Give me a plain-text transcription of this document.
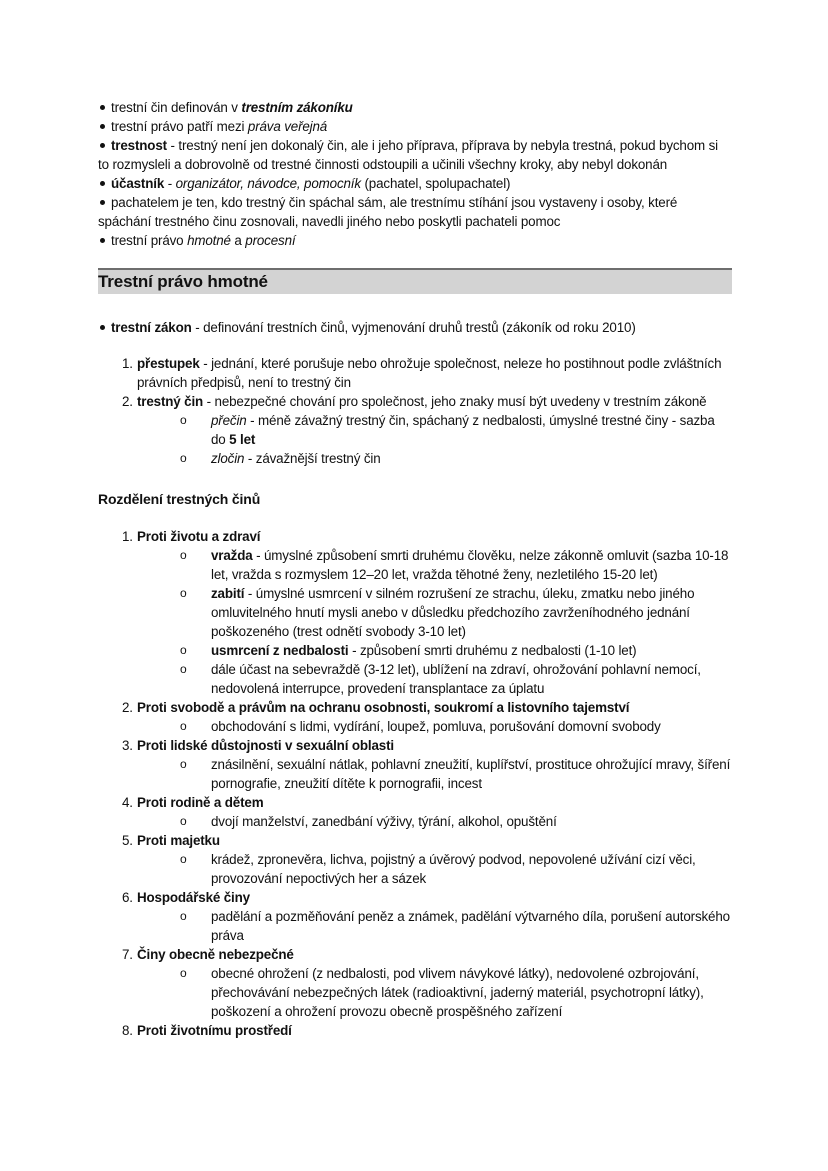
trestní čin definován v trestním zákoníku
trestní právo patří mezi práva veřejná
trestnost - trestný není jen dokonalý čin, ale i jeho příprava, příprava by nebyla trestná, pokud bychom si to rozmysleli a dobrovolně od trestné činnosti odstoupili a učinili všechny kroky, aby nebyl dokonán
účastník - organizátor, návodce, pomocník (pachatel, spolupachatel)
pachatelem je ten, kdo trestný čin spáchal sám, ale trestnímu stíhání jsou vystaveny i osoby, které spáchání trestného činu zosnovali, navedli jiného nebo poskytli pachateli pomoc
trestní právo hmotné a procesní
Trestní právo hmotné
trestní zákon - definování trestních činů, vyjmenování druhů trestů (zákoník od roku 2010)
1. přestupek - jednání, které porušuje nebo ohrožuje společnost, neleze ho postihnout podle zvláštních právních předpisů, není to trestný čin
2. trestný čin - nebezpečné chování pro společnost, jeho znaky musí být uvedeny v trestním zákoně
o přečin - méně závažný trestný čin, spáchaný z nedbalosti, úmyslné trestné činy - sazba do 5 let
o zločin - závažnější trestný čin
Rozdělení trestných činů
1. Proti životu a zdraví
o vražda - úmyslné způsobení smrti druhému člověku, nelze zákonně omluvit (sazba 10-18 let, vražda s rozmyslem 12–20 let, vražda těhotné ženy, nezletilého 15-20 let)
o zabití - úmyslné usmrcení v silném rozrušení ze strachu, úleku, zmatku nebo jiného omluvitelného hnutí mysli anebo v důsledku předchozího zavrženíhodného jednání poškozeného (trest odnětí svobody 3-10 let)
o usmrcení z nedbalosti - způsobení smrti druhému z nedbalosti (1-10 let)
o dále účast na sebevraždě (3-12 let), ublížení na zdraví, ohrožování pohlavní nemocí, nedovolená interrupce, provedení transplantace za úplatu
2. Proti svobodě a právům na ochranu osobnosti, soukromí a listovního tajemství
o obchodování s lidmi, vydírání, loupež, pomluva, porušování domovní svobody
3. Proti lidské důstojnosti v sexuální oblasti
o znásilnění, sexuální nátlak, pohlavní zneužití, kuplířství, prostituce ohrožující mravy, šíření pornografie, zneužití dítěte k pornografii, incest
4. Proti rodině a dětem
o dvojí manželství, zanedbání výživy, týrání, alkohol, opuštění
5. Proti majetku
o krádež, zpronevěra, lichva, pojistný a úvěrový podvod, nepovolené užívání cizí věci, provozování nepoctivých her a sázek
6. Hospodářské činy
o padělání a pozměňování peněz a známek, padělání výtvarného díla, porušení autorského práva
7. Činy obecně nebezpečné
o obecné ohrožení (z nedbalosti, pod vlivem návykové látky), nedovolené ozbrojování, přechovávání nebezpečných látek (radioaktivní, jaderný materiál, psychotropní látky), poškození a ohrožení provozu obecně prospěšného zařízení
8. Proti životnímu prostředí
